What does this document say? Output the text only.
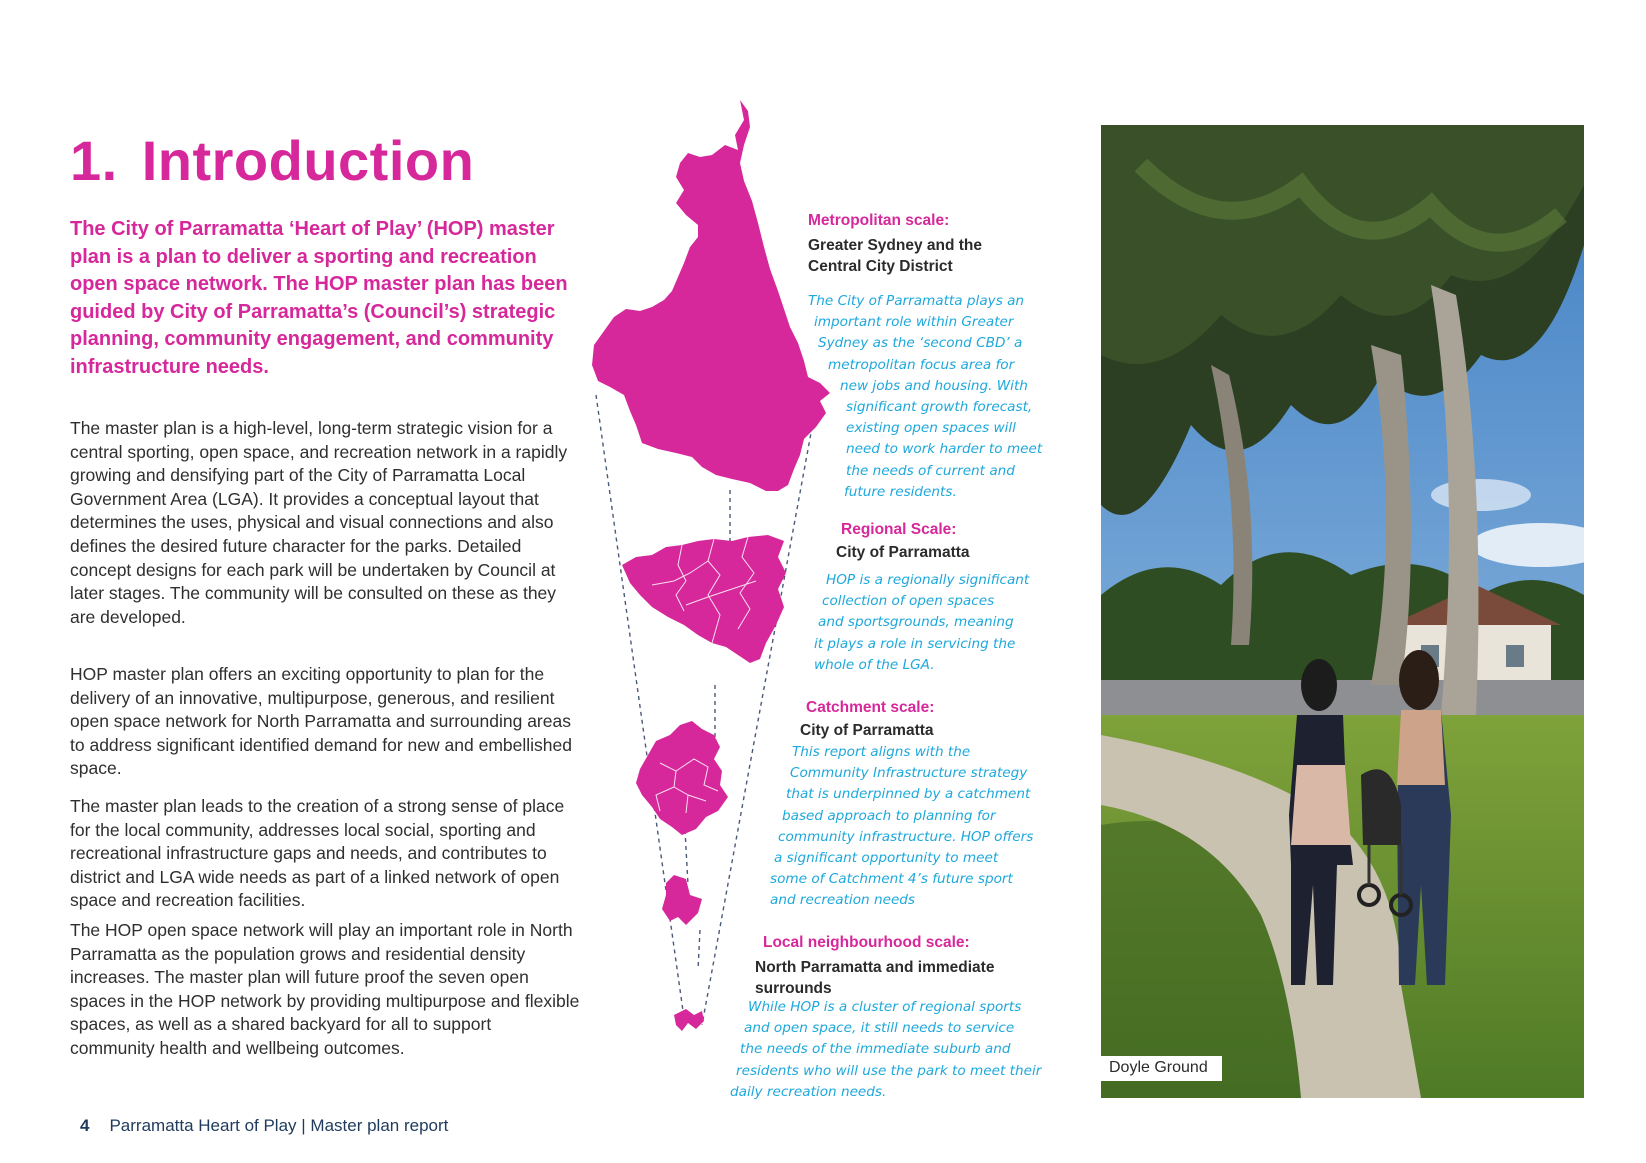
1. Introduction

The City of Parramatta ‘Heart of Play’ (HOP) master plan is a plan to deliver a sporting and recreation open space network. The HOP master plan has been guided by City of Parramatta’s (Council’s) strategic planning, community engagement, and community infrastructure needs.

The master plan is a high-level, long-term strategic vision for a central sporting, open space, and recreation network in a rapidly growing and densifying part of the City of Parramatta Local Government Area (LGA). It provides a conceptual layout that determines the uses, physical and visual connections and also defines the desired future character for the parks. Detailed concept designs for each park will be undertaken by Council at later stages. The community will be consulted on these as they are developed.

HOP master plan offers an exciting opportunity to plan for the delivery of an innovative, multipurpose, generous, and resilient open space network for North Parramatta and surrounding areas to address significant identified demand for new and embellished space.

The master plan leads to the creation of a strong sense of place for the local community, addresses local social, sporting and recreational infrastructure gaps and needs, and contributes to district and LGA wide needs as part of a linked network of open space and recreation facilities.

The HOP open space network will play an important role in North Parramatta as the population grows and residential density increases. The master plan will future proof the seven open spaces in the HOP network by providing multipurpose and flexible spaces, as well as a shared backyard for all to support community health and wellbeing outcomes.

4 Parramatta Heart of Play | Master plan report

Metropolitan scale:

Greater Sydney and the Central City District

The City of Parramatta plays an
important role within Greater
Sydney as the ‘second CBD’ a
metropolitan focus area for
new jobs and housing. With
significant growth forecast,
existing open spaces will
need to work harder to meet
the needs of current and
future residents.

Regional Scale:

City of Parramatta

HOP is a regionally significant
collection of open spaces
and sportsgrounds, meaning
it plays a role in servicing the
whole of the LGA.

Catchment scale:

City of Parramatta

This report aligns with the
Community Infrastructure strategy
that is underpinned by a catchment
based approach to planning for
community infrastructure. HOP offers
a significant opportunity to meet
some of Catchment 4’s future sport
and recreation needs

Local neighbourhood scale:

North Parramatta and immediate surrounds

While HOP is a cluster of regional sports
and open space, it still needs to service
the needs of the immediate suburb and
residents who will use the park to meet their
daily recreation needs.
Doyle Ground
